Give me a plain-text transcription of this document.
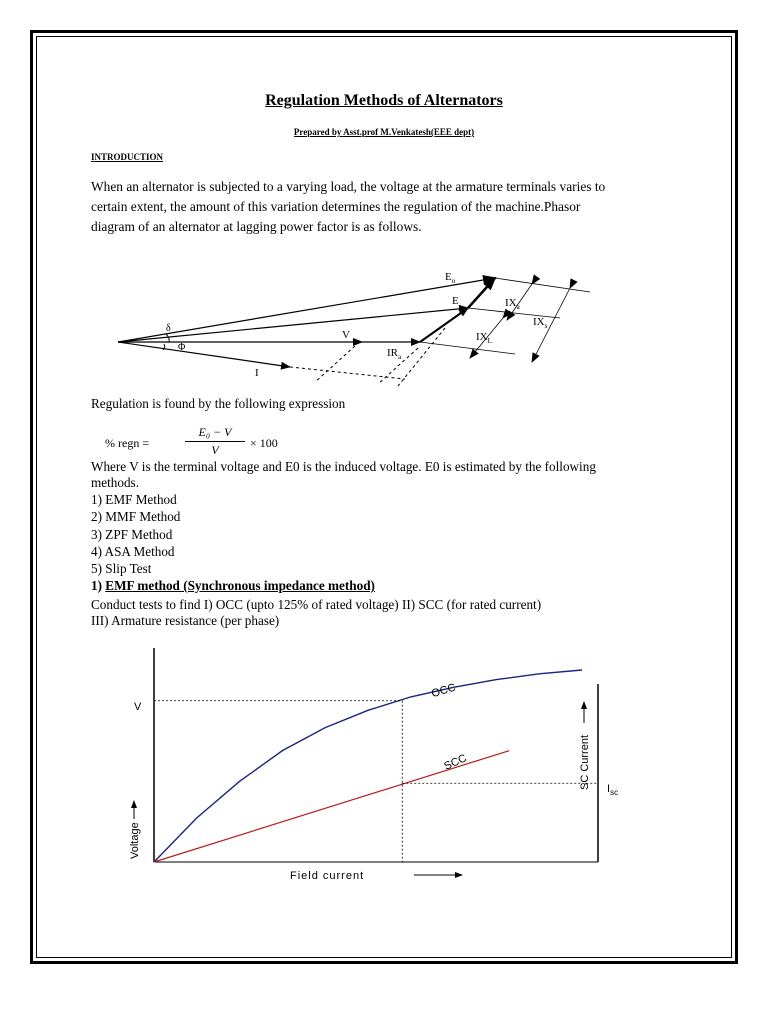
Regulation Methods of Alternators
Prepared by Asst.prof M.Venkatesh(EEE dept)
INTRODUCTION
When an alternator is subjected to a varying load, the voltage at the armature terminals varies to
certain extent, the amount of this variation determines the regulation of the machine.Phasor
diagram of an alternator at lagging power factor is as follows.
$E_o$
E
V
I
δ
Φ
$IX_a$
$IX_s$
$IX_L$
$IR_a$
Regulation is found by the following expression
% regn =
E₀ − V
V	× 100
Where V is the terminal voltage and E0 is the induced voltage. E0 is estimated by the following
methods.
1) EMF Method
2) MMF Method
3) ZPF Method
4) ASA Method
5) Slip Test
1) EMF method (Synchronous impedance method)
Conduct tests to find I) OCC (upto 125% of rated voltage) II) SCC (for rated current)
III) Armature resistance (per phase)
OCC
SCC
V
$I_{sc}$
Voltage
SC Current
Field current
